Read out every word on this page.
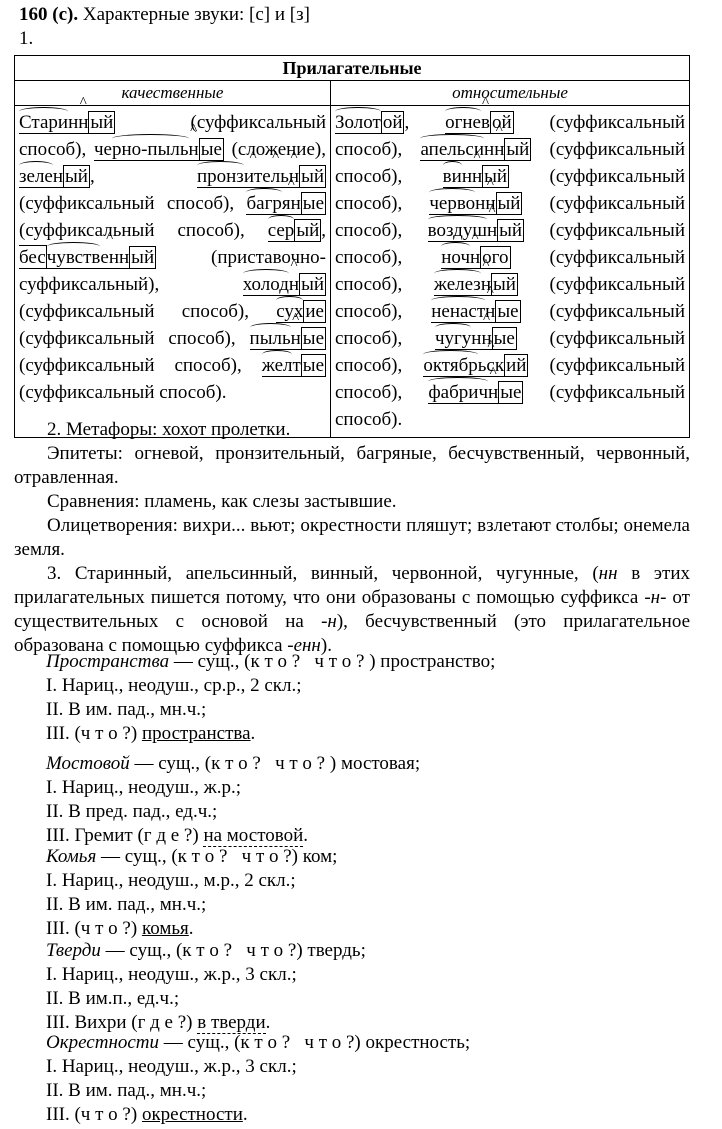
160 (с). Характерные звуки: [с] и [з]
1.
Прилагательные	
качественные	относительные
Старин^ н ый	(суффиксальный способ), черно-пыль^ н ые (сложение), зелен ый , пронз^ ит^ ель^ н ый (суффиксальный способ), багр^ ян ые (суффиксальный способ), сер ый , бесчувств^ енн ый	(приставочно-суффиксальный), холод^ н ый (суффиксальный способ), сух ие (суффиксальный способ), пыль^ н ые (суффиксальный способ), желт ые (суффиксальный способ).	Золот ой , огне^ в ой (суффиксальный способ), апельсин^ н ый (суффиксальный способ), вин^ н ый (суффиксальный способ), червон^ н ый (суффиксальный способ), воздуш^ н ый (суффиксальный способ), ноч^ н ого (суффиксальный способ), желез^ н ый (суффиксальный способ), ненаст^ н ые (суффиксальный способ), чугун^ н ые (суффиксальный способ), октябр^ ьск ий (суффиксальный способ), фабрич^ н ые (суффиксальный способ).
2. Метафоры: хохот пролетки.
Эпитеты: огневой, пронзительный, багряные, бесчувственный, червонный, отравленная.
Сравнения: пламень, как слезы застывшие.
Олицетворения: вихри... вьют; окрестности пляшут; взлетают столбы; онемела земля.
3. Старинный, апельсинный, винный, червонной, чугунные, (нн в этих прилагательных пишется потому, что они образованы с помощью суффикса -н- от существительных с основой на -н), бесчувственный (это прилагательное образована с помощью суффикса -енн).
Пространства — сущ., (к т о ?   ч т о ? ) пространство;
I. Нариц., неодуш., ср.р., 2 скл.;
II. В им. пад., мн.ч.;
III. (ч т о ?) пространства.
Мостовой — сущ., (к т о ?   ч т о ? ) мостовая;
I. Нариц., неодуш., ж.р.;
II. В пред. пад., ед.ч.;
III. Гремит (г д е ?) на мостовой.
Комья — сущ., (к т о ?   ч т о ?) ком;
I. Нариц., неодуш., м.р., 2 скл.;
II. В им. пад., мн.ч.;
III. (ч т о ?) комья.
Тверди — сущ., (к т о ?   ч т о ?) твердь;
I. Нариц., неодуш., ж.р., 3 скл.;
II. В им.п., ед.ч.;
III. Вихри (г д е ?) в тверди.
Окрестности — сущ., (к т о ?   ч т о ?) окрестность;
I. Нариц., неодуш., ж.р., 3 скл.;
II. В им. пад., мн.ч.;
III. (ч т о ?) окрестности.
